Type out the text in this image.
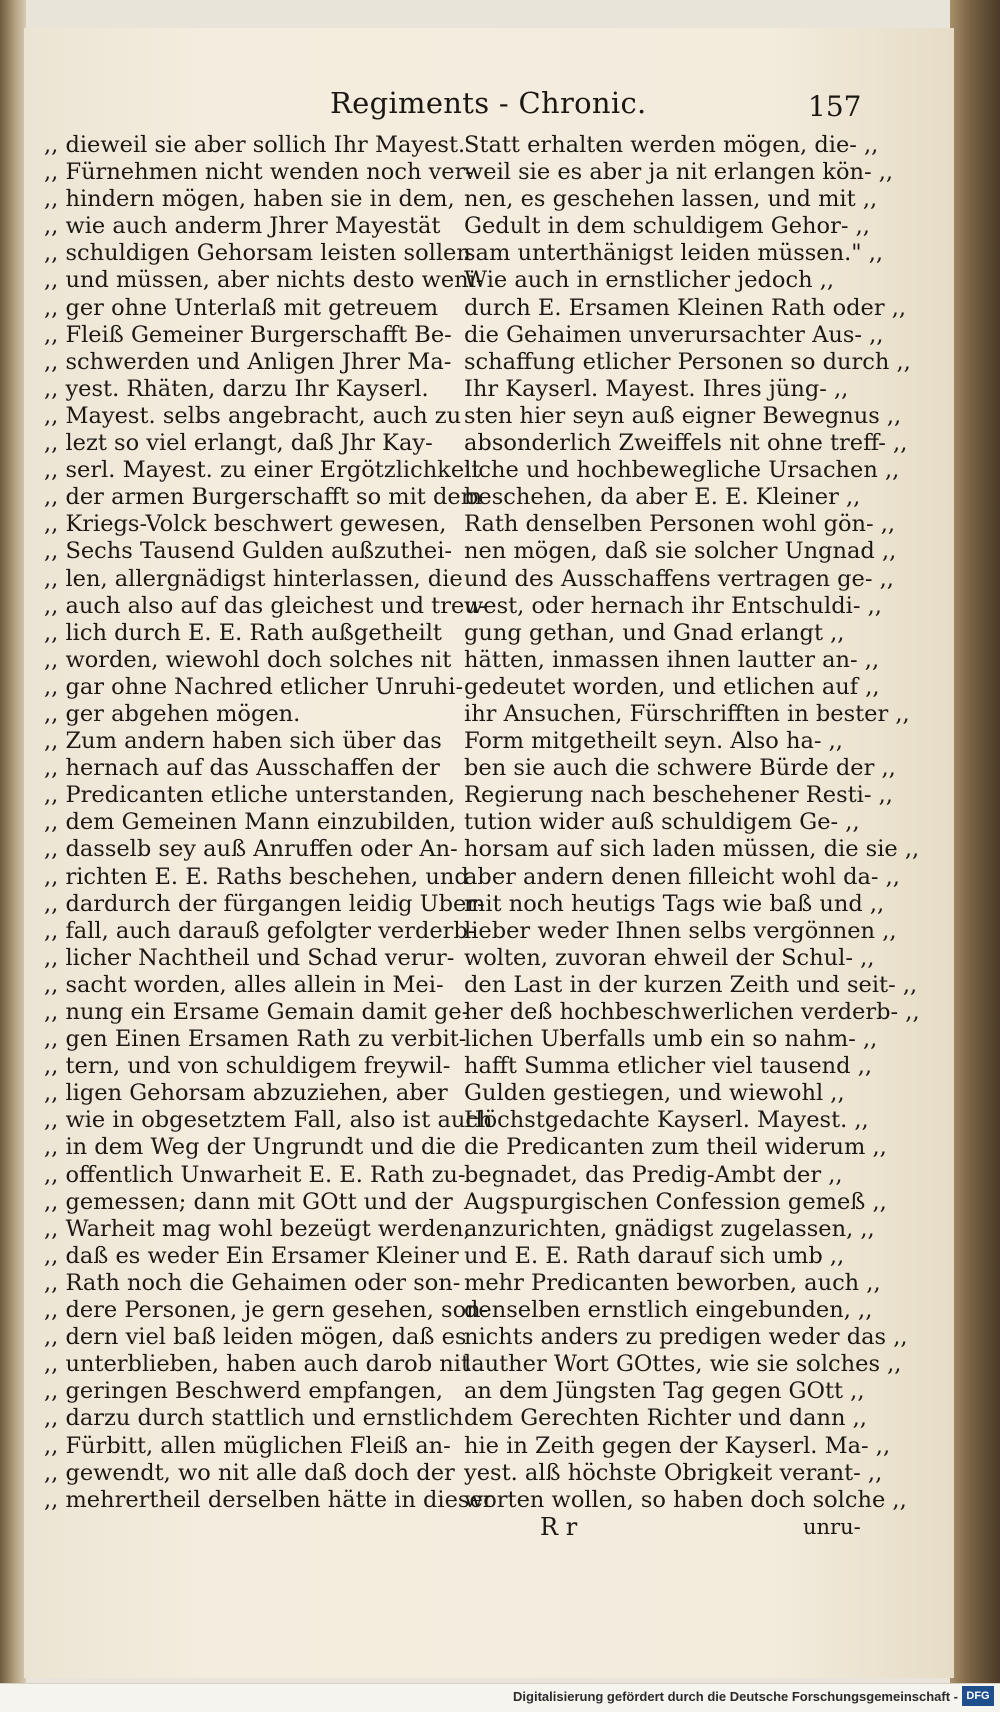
Regiments - Chronic.	157
,, dieweil sie aber sollich Ihr Mayest.
,, Fürnehmen nicht wenden noch ver-
,, hindern mögen, haben sie in dem,
,, wie auch anderm Jhrer Mayestät
,, schuldigen Gehorsam leisten sollen
,, und müssen, aber nichts desto weni-
,, ger ohne Unterlaß mit getreuem
,, Fleiß Gemeiner Burgerschafft Be-
,, schwerden und Anligen Jhrer Ma-
,, yest. Rhäten, darzu Ihr Kayserl.
,, Mayest. selbs angebracht, auch zu
,, lezt so viel erlangt, daß Jhr Kay-
,, serl. Mayest. zu einer Ergötzlichkeit
,, der armen Burgerschafft so mit dem
,, Kriegs-Volck beschwert gewesen,
,, Sechs Tausend Gulden außzuthei-
,, len, allergnädigst hinterlassen, die
,, auch also auf das gleichest und treu-
,, lich durch E. E. Rath außgetheilt
,, worden, wiewohl doch solches nit
,, gar ohne Nachred etlicher Unruhi-
,, ger abgehen mögen.
,, Zum andern haben sich über das
,, hernach auf das Ausschaffen der
,, Predicanten etliche unterstanden,
,, dem Gemeinen Mann einzubilden,
,, dasselb sey auß Anruffen oder An-
,, richten E. E. Raths beschehen, und
,, dardurch der fürgangen leidig Uber-
,, fall, auch darauß gefolgter verderb-
,, licher Nachtheil und Schad verur-
,, sacht worden, alles allein in Mei-
,, nung ein Ersame Gemain damit ge-
,, gen Einen Ersamen Rath zu verbit-
,, tern, und von schuldigem freywil-
,, ligen Gehorsam abzuziehen, aber
,, wie in obgesetztem Fall, also ist auch
,, in dem Weg der Ungrundt und die
,, offentlich Unwarheit E. E. Rath zu-
,, gemessen; dann mit GOtt und der
,, Warheit mag wohl bezeügt werden,
,, daß es weder Ein Ersamer Kleiner
,, Rath noch die Gehaimen oder son-
,, dere Personen, je gern gesehen, son-
,, dern viel baß leiden mögen, daß es
,, unterblieben, haben auch darob nit
,, geringen Beschwerd empfangen,
,, darzu durch stattlich und ernstlich
,, Fürbitt, allen müglichen Fleiß an-
,, gewendt, wo nit alle daß doch der
,, mehrertheil derselben hätte in dieser
Statt erhalten werden mögen, die- ,,
weil sie es aber ja nit erlangen kön- ,,
nen, es geschehen lassen, und mit ,,
Gedult in dem schuldigem Gehor- ,,
sam unterthänigst leiden müssen." ,,
Wie auch in ernstlicher jedoch ,,
durch E. Ersamen Kleinen Rath oder ,,
die Gehaimen unverursachter Aus- ,,
schaffung etlicher Personen so durch ,,
Ihr Kayserl. Mayest. Ihres jüng- ,,
sten hier seyn auß eigner Bewegnus ,,
absonderlich Zweiffels nit ohne treff- ,,
liche und hochbewegliche Ursachen ,,
beschehen, da aber E. E. Kleiner ,,
Rath denselben Personen wohl gön- ,,
nen mögen, daß sie solcher Ungnad ,,
und des Ausschaffens vertragen ge- ,,
west, oder hernach ihr Entschuldi- ,,
gung gethan, und Gnad erlangt ,,
hätten, inmassen ihnen lautter an- ,,
gedeutet worden, und etlichen auf ,,
ihr Ansuchen, Fürschrifften in bester ,,
Form mitgetheilt seyn. Also ha- ,,
ben sie auch die schwere Bürde der ,,
Regierung nach beschehener Resti- ,,
tution wider auß schuldigem Ge- ,,
horsam auf sich laden müssen, die sie ,,
aber andern denen filleicht wohl da- ,,
mit noch heutigs Tags wie baß und ,,
lieber weder Ihnen selbs vergönnen ,,
wolten, zuvoran ehweil der Schul- ,,
den Last in der kurzen Zeith und seit- ,,
her deß hochbeschwerlichen verderb- ,,
lichen Uberfalls umb ein so nahm- ,,
hafft Summa etlicher viel tausend ,,
Gulden gestiegen, und wiewohl ,,
Höchstgedachte Kayserl. Mayest. ,,
die Predicanten zum theil widerum ,,
begnadet, das Predig-Ambt der ,,
Augspurgischen Confession gemeß ,,
anzurichten, gnädigst zugelassen, ,,
und E. E. Rath darauf sich umb ,,
mehr Predicanten beworben, auch ,,
denselben ernstlich eingebunden, ,,
nichts anders zu predigen weder das ,,
lauther Wort GOttes, wie sie solches ,,
an dem Jüngsten Tag gegen GOtt ,,
dem Gerechten Richter und dann ,,
hie in Zeith gegen der Kayserl. Ma- ,,
yest. alß höchste Obrigkeit verant- ,,
worten wollen, so haben doch solche ,,
R r	unru-
Digitalisierung gefördert durch die Deutsche Forschungsgemeinschaft - DFG
